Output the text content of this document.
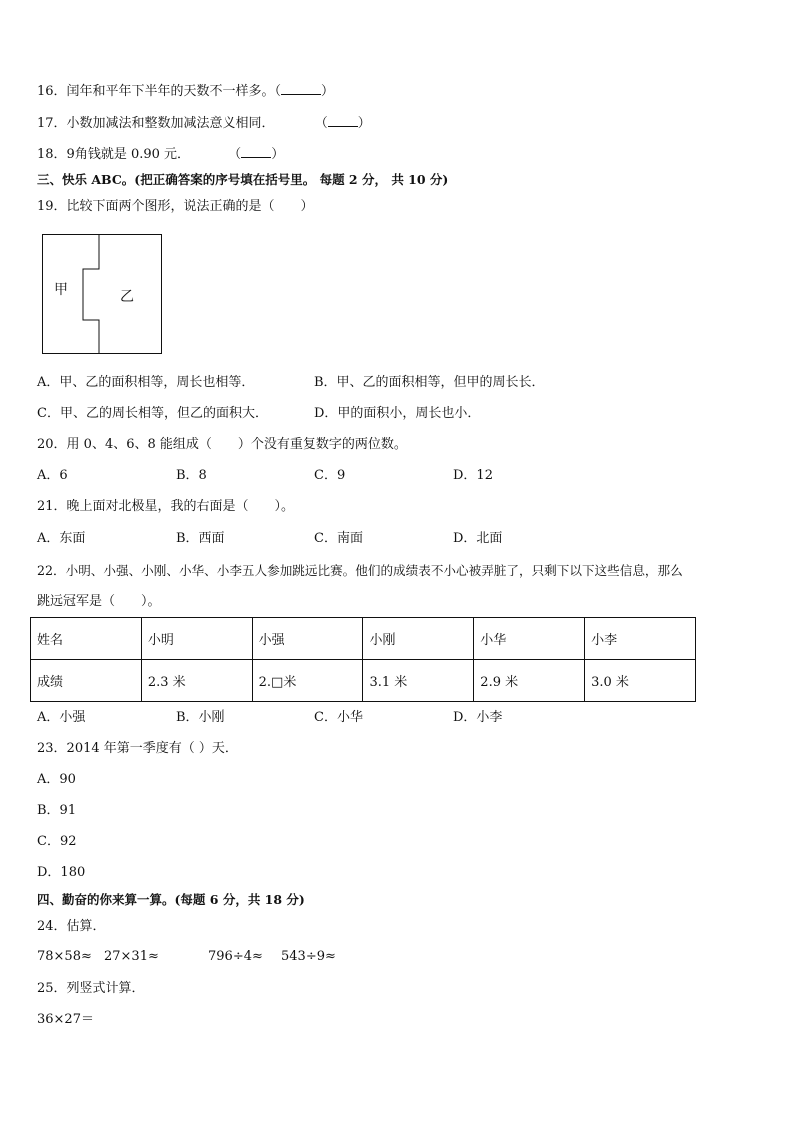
16．闰年和平年下半年的天数不一样多。（	）
17．小数加减法和整数加减法意义相同．	（ ）
18．9角钱就是 0.90 元．	（ ）
三、快乐 ABC。(把正确答案的序号填在括号里。 每题 2 分， 共 10 分)
19．比较下面两个图形，说法正确的是（　　）
甲	乙
A．甲、乙的面积相等，周长也相等．	B．甲、乙的面积相等，但甲的周长长．
C．甲、乙的周长相等，但乙的面积大．	D．甲的面积小，周长也小．
20．用 0、4、6、8 能组成（　　）个没有重复数字的两位数。
A．6	B．8	C．9	D．12
21．晚上面对北极星，我的右面是（　　）。
A．东面	B．西面	C．南面	D．北面
22．小明、小强、小刚、小华、小李五人参加跳远比赛。他们的成绩表不小心被弄脏了，只剩下以下这些信息，那么
跳远冠军是（　　）。
姓名	小明	小强	小刚	小华	小李
成绩	2.3 米	2.□米	3.1 米	2.9 米	3.0 米
A．小强	B．小刚	C．小华	D．小李
23．2014 年第一季度有（ ）天．
A．90
B．91
C．92
D．180
四、勤奋的你来算一算。(每题 6 分，共 18 分)
24．估算．
78×58≈ 27×31≈	796÷4≈ 543÷9≈
25．列竖式计算．
36×27＝
